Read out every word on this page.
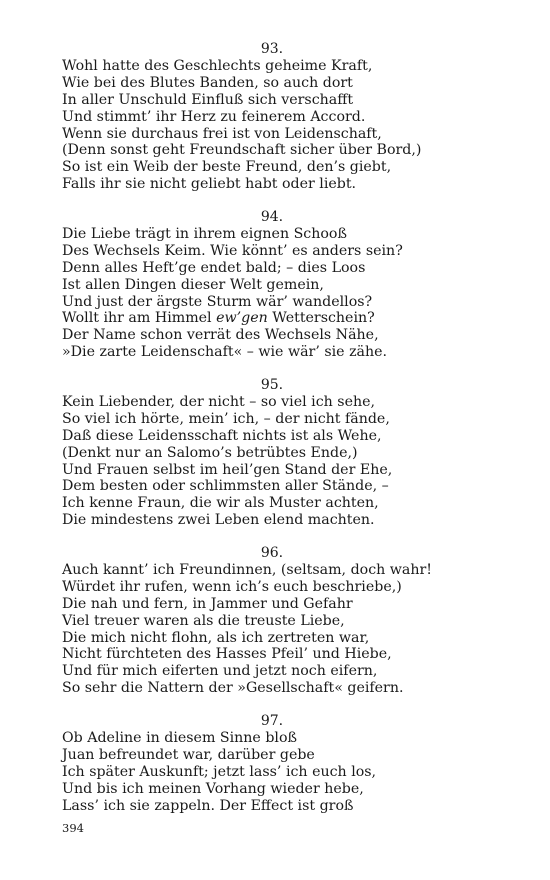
93.
Wohl hatte des Geschlechts geheime Kraft,
Wie bei des Blutes Banden, so auch dort
In aller Unschuld Einfluß sich verschafft
Und stimmt’ ihr Herz zu feinerem Accord.
Wenn sie durchaus frei ist von Leidenschaft,
(Denn sonst geht Freundschaft sicher über Bord,)
So ist ein Weib der beste Freund, den’s giebt,
Falls ihr sie nicht geliebt habt oder liebt.
94.
Die Liebe trägt in ihrem eignen Schooß
Des Wechsels Keim. Wie könnt’ es anders sein?
Denn alles Heft’ge endet bald; – dies Loos
Ist allen Dingen dieser Welt gemein,
Und just der ärgste Sturm wär’ wandellos?
Wollt ihr am Himmel ew’gen Wetterschein?
Der Name schon verrät des Wechsels Nähe,
»Die zarte Leidenschaft« – wie wär’ sie zähe.
95.
Kein Liebender, der nicht – so viel ich sehe,
So viel ich hörte, mein’ ich, – der nicht fände,
Daß diese Leidensschaft nichts ist als Wehe,
(Denkt nur an Salomo’s betrübtes Ende,)
Und Frauen selbst im heil’gen Stand der Ehe,
Dem besten oder schlimmsten aller Stände, –
Ich kenne Fraun, die wir als Muster achten,
Die mindestens zwei Leben elend machten.
96.
Auch kannt’ ich Freundinnen, (seltsam, doch wahr!
Würdet ihr rufen, wenn ich’s euch beschriebe,)
Die nah und fern, in Jammer und Gefahr
Viel treuer waren als die treuste Liebe,
Die mich nicht flohn, als ich zertreten war,
Nicht fürchteten des Hasses Pfeil’ und Hiebe,
Und für mich eiferten und jetzt noch eifern,
So sehr die Nattern der »Gesellschaft« geifern.
97.
Ob Adeline in diesem Sinne bloß
Juan befreundet war, darüber gebe
Ich später Auskunft; jetzt lass’ ich euch los,
Und bis ich meinen Vorhang wieder hebe,
Lass’ ich sie zappeln. Der Effect ist groß
394
